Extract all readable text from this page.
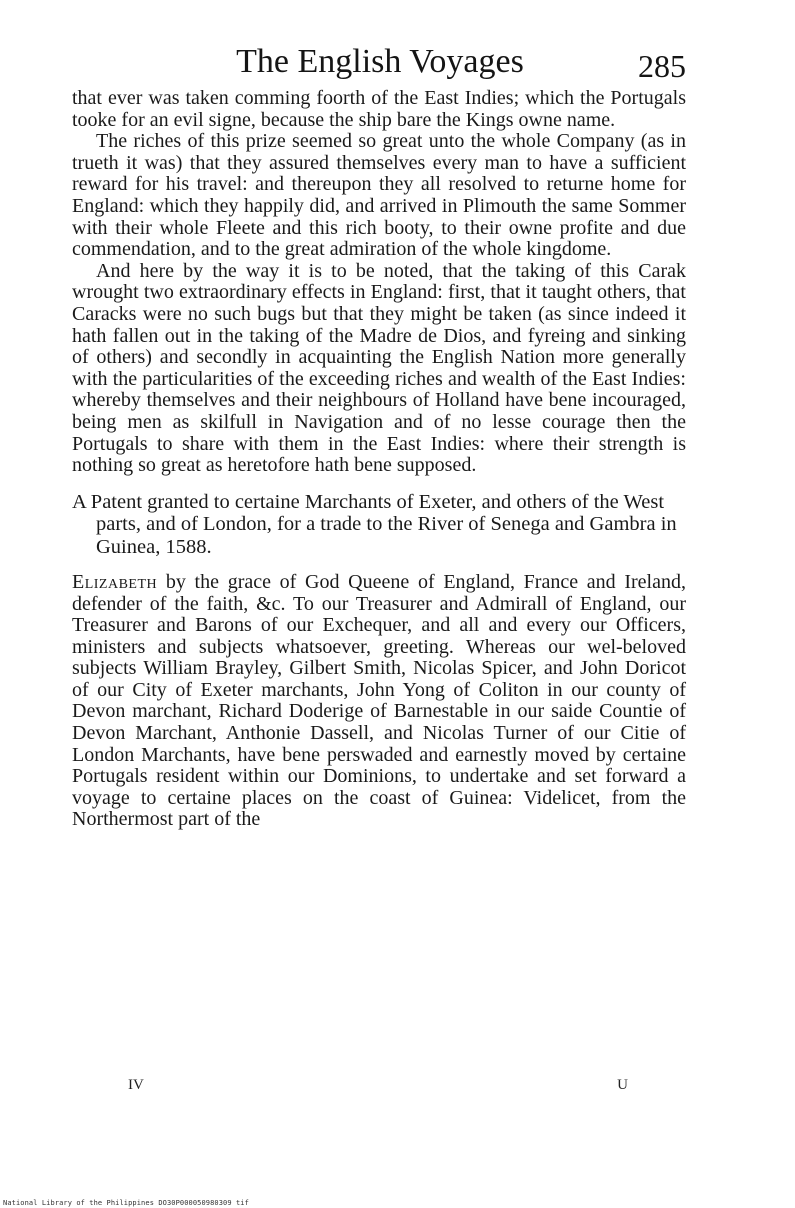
The English Voyages	285

that ever was taken comming foorth of the East Indies; which the Portugals tooke for an evil signe, because the ship bare the Kings owne name.

The riches of this prize seemed so great unto the whole Company (as in trueth it was) that they assured themselves every man to have a sufficient reward for his travel: and thereupon they all resolved to returne home for England: which they happily did, and arrived in Plimouth the same Sommer with their whole Fleete and this rich booty, to their owne profite and due commendation, and to the great admiration of the whole kingdome.

And here by the way it is to be noted, that the taking of this Carak wrought two extraordinary effects in England: first, that it taught others, that Caracks were no such bugs but that they might be taken (as since indeed it hath fallen out in the taking of the Madre de Dios, and fyreing and sinking of others) and secondly in acquainting the English Nation more generally with the particularities of the exceeding riches and wealth of the East Indies: whereby themselves and their neighbours of Holland have bene incouraged, being men as skilfull in Navigation and of no lesse courage then the Portugals to share with them in the East Indies: where their strength is nothing so great as heretofore hath bene supposed.

A Patent granted to certaine Marchants of Exeter, and others of the West parts, and of London, for a trade to the River of Senega and Gambra in Guinea, 1588.

Elizabeth by the grace of God Queene of England, France and Ireland, defender of the faith, &c. To our Treasurer and Admirall of England, our Treasurer and Barons of our Exchequer, and all and every our Officers, ministers and subjects whatsoever, greeting. Whereas our wel-beloved subjects William Brayley, Gilbert Smith, Nicolas Spicer, and John Doricot of our City of Exeter marchants, John Yong of Coliton in our county of Devon marchant, Richard Doderige of Barnestable in our saide Countie of Devon Marchant, Anthonie Dassell, and Nicolas Turner of our Citie of London Marchants, have bene perswaded and earnestly moved by certaine Portugals resident within our Dominions, to undertake and set forward a voyage to certaine places on the coast of Guinea: Videlicet, from the Northermost part of the

IV	U
National Library of the Philippines DO30P000050980309 tif
